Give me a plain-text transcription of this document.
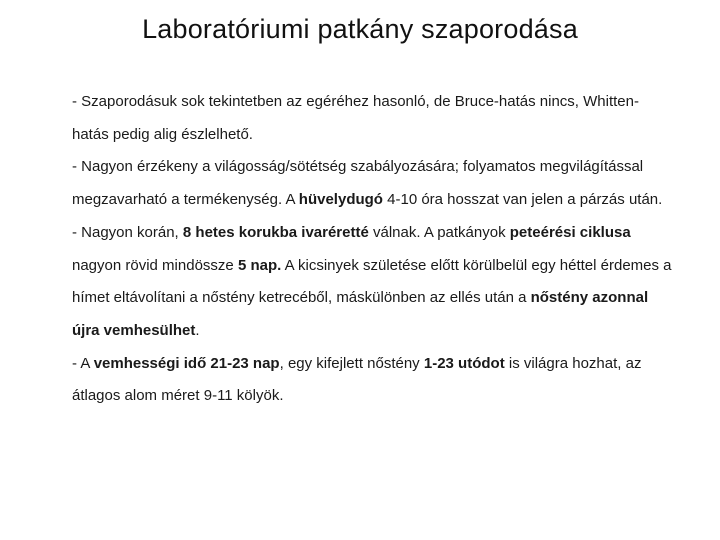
Laboratóriumi patkány szaporodása

- Szaporodásuk sok tekintetben az egéréhez hasonló, de Bruce-hatás nincs, Whitten-hatás pedig alig észlelhető.

- Nagyon érzékeny a világosság/sötétség szabályozására; folyamatos megvilágítással megzavarható a termékenység. A hüvelydugó 4-10 óra hosszat van jelen a párzás után.

- Nagyon korán, 8 hetes korukba ivaréretté válnak. A patkányok peteérési ciklusa nagyon rövid mindössze 5 nap. A kicsinyek születése előtt körülbelül egy héttel érdemes a hímet eltávolítani a nőstény ketrecéből, máskülönben az ellés után a nőstény azonnal újra vemhesülhet.

- A vemhességi idő 21-23 nap, egy kifejlett nőstény 1-23 utódot is világra hozhat, az átlagos alom méret 9-11 kölyök.
